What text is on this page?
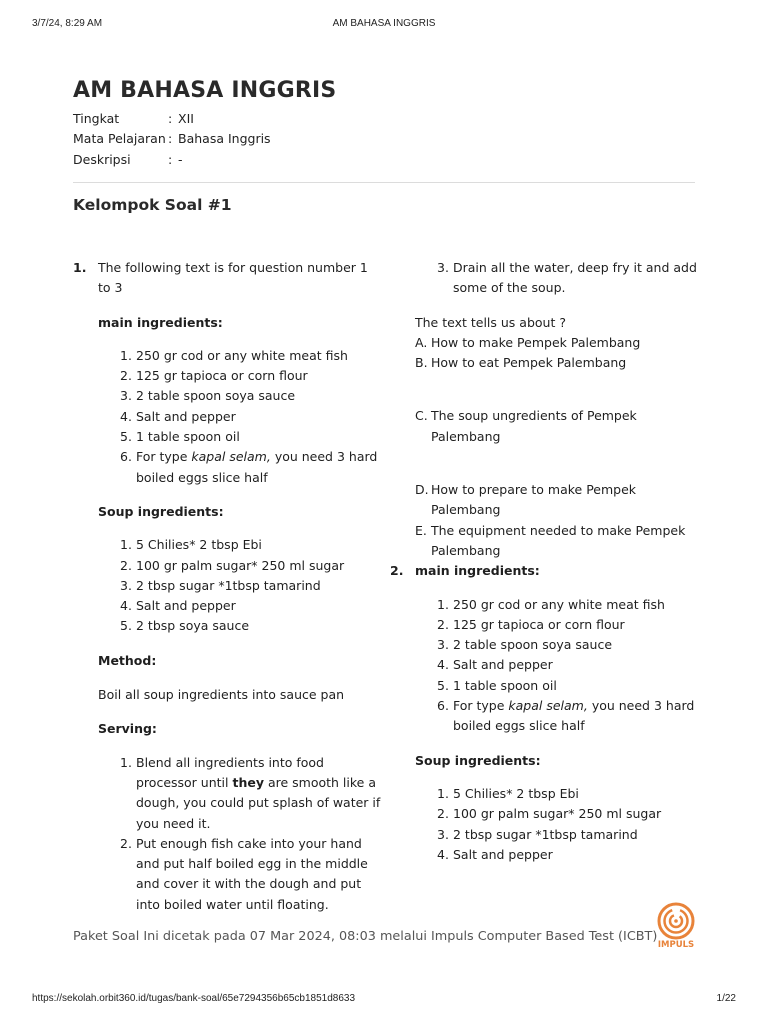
3/7/24, 8:29 AM	AM BAHASA INGGRIS
AM BAHASA INGGRIS
Tingkat	: XII
Mata Pelajaran : Bahasa Inggris
Deskripsi	: -
Kelompok Soal #1
1. The following text is for question number 1 to 3
main ingredients:
1. 250 gr cod or any white meat fish
2. 125 gr tapioca or corn flour
3. 2 table spoon soya sauce
4. Salt and pepper
5. 1 table spoon oil
6. For type kapal selam, you need 3 hard boiled eggs slice half
Soup ingredients:
1. 5 Chilies* 2 tbsp Ebi
2. 100 gr palm sugar* 250 ml sugar
3. 2 tbsp sugar *1tbsp tamarind
4. Salt and pepper
5. 2 tbsp soya sauce
Method:
Boil all soup ingredients into sauce pan
Serving:
1. Blend all ingredients into food processor until they are smooth like a dough, you could put splash of water if you need it.
2. Put enough fish cake into your hand and put half boiled egg in the middle and cover it with the dough and put into boiled water until floating.
3. Drain all the water, deep fry it and add some of the soup.
The text tells us about ?
A. How to make Pempek Palembang
B. How to eat Pempek Palembang
C. The soup ungredients of Pempek Palembang
D. How to prepare to make Pempek Palembang
E. The equipment needed to make Pempek Palembang
2. main ingredients:
1. 250 gr cod or any white meat fish
2. 125 gr tapioca or corn flour
3. 2 table spoon soya sauce
4. Salt and pepper
5. 1 table spoon oil
6. For type kapal selam, you need 3 hard boiled eggs slice half
Soup ingredients:
1. 5 Chilies* 2 tbsp Ebi
2. 100 gr palm sugar* 250 ml sugar
3. 2 tbsp sugar *1tbsp tamarind
4. Salt and pepper
Paket Soal Ini dicetak pada 07 Mar 2024, 08:03 melalui Impuls Computer Based Test (ICBT)
IMPULS
https://sekolah.orbit360.id/tugas/bank-soal/65e7294356b65cb1851d8633	1/22
